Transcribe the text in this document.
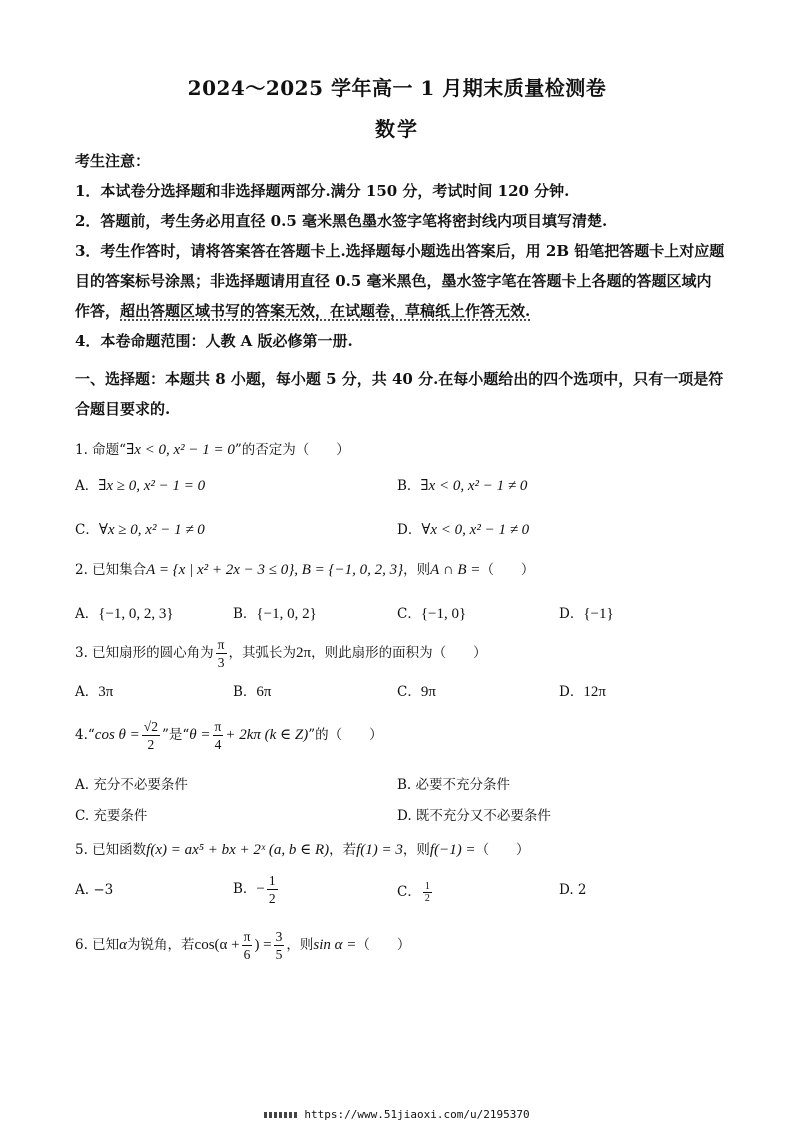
2024～2025 学年高一 1 月期末质量检测卷
数学

考生注意：

1．本试卷分选择题和非选择题两部分.满分 150 分，考试时间 120 分钟.

2．答题前，考生务必用直径 0.5 毫米黑色墨水签字笔将密封线内项目填写清楚.

3．考生作答时，请将答案答在答题卡上.选择题每小题选出答案后，用 2B 铅笔把答题卡上对应题目的答案标号涂黑；非选择题请用直径 0.5 毫米黑色，墨水签字笔在答题卡上各题的答题区域内作答，超出答题区域书写的答案无效，在试题卷，草稿纸上作答无效.

4．本卷命题范围：人教 A 版必修第一册.

一、选择题：本题共 8 小题，每小题 5 分，共 40 分.在每小题给出的四个选项中，只有一项是符合题目要求的.
1. 命题“∃x < 0, x² − 1 = 0”的否定为（　　）
A．∃x ≥ 0, x² − 1 = 0	B．∃x < 0, x² − 1 ≠ 0
C．∀x ≥ 0, x² − 1 ≠ 0	D．∀x < 0, x² − 1 ≠ 0
2. 已知集合A = {x | x² + 2x − 3 ≤ 0}, B = {−1, 0, 2, 3}，则A ∩ B =（　　）
A．{−1, 0, 2, 3}	B．{−1, 0, 2}	C．{−1, 0}	D．{−1}
3. 已知扇形的圆心角为 $\frac{\pi}{3}$ ，其弧长为2π，则此扇形的面积为（　　）
A．3π	B．6π	C．9π	D．12π
4.“cos $\theta = \frac{√2}{2}$ ”是“$\theta = \frac{\pi}{4} + 2k\pi$ (k ∈ Z)”的（　　）
A. 充分不必要条件	B. 必要不充分条件
C. 充要条件	D. 既不充分又不必要条件
5. 已知函数f(x) = ax⁵ + bx + 2ˣ (a, b ∈ R)，若f(1) = 3，则f(−1) =（　　）
A. −3	B．− $\frac{1}{2}$	C． $\frac{1}{2}$	D. 2
6. 已知α为锐角，若$\cos(\alpha + \frac{\pi}{6}$ ) = $\frac{3}{5}$ ，则sin α =（　　）
https://www.51jiaoxi.com/u/2195370
